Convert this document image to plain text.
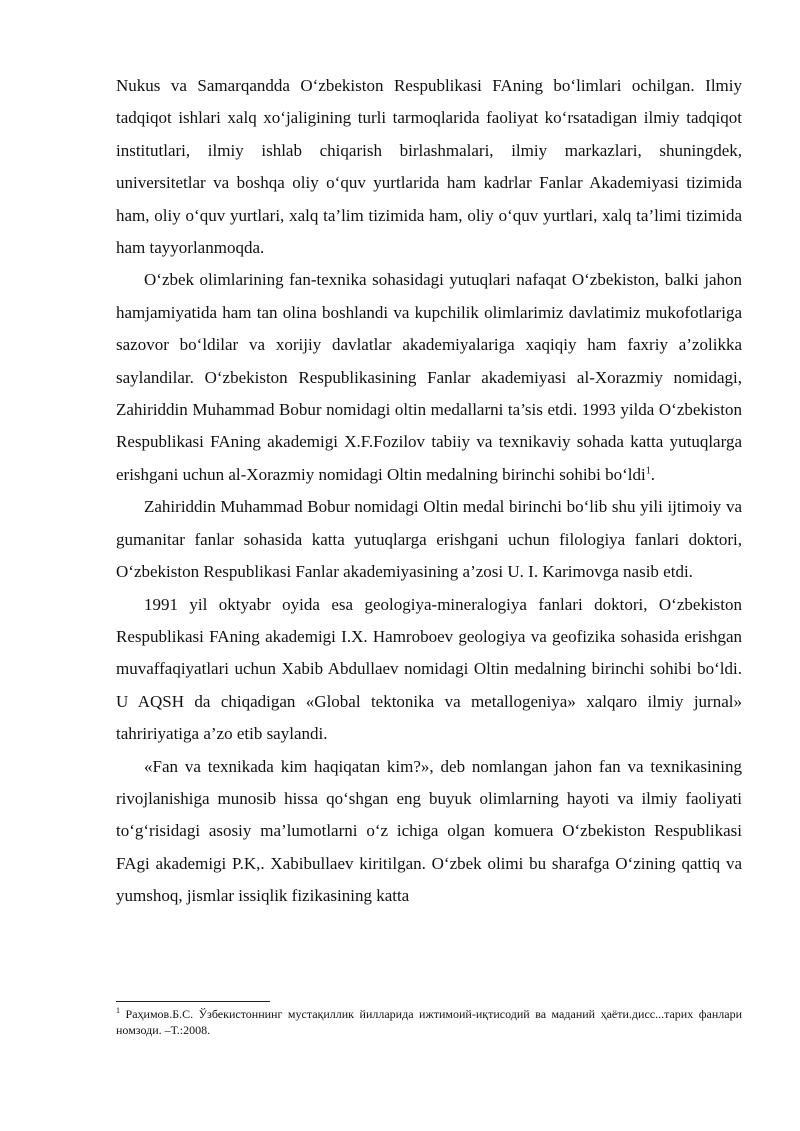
Nukus va Samarqandda O‘zbekiston Respublikasi FAning bo‘limlari ochilgan. Ilmiy tadqiqot ishlari xalq xo‘jaligining turli tarmoqlarida faoliyat ko‘rsatadigan ilmiy tadqiqot institutlari, ilmiy ishlab chiqarish birlashmalari, ilmiy markazlari, shuningdek, universitetlar va boshqa oliy o‘quv yurtlarida ham kadrlar Fanlar Akademiyasi tizimida ham, oliy o‘quv yurtlari, xalq ta’lim tizimida ham, oliy o‘quv yurtlari, xalq ta’limi tizimida ham tayyorlanmoqda.

O‘zbek olimlarining fan-texnika sohasidagi yutuqlari nafaqat O‘zbekiston, balki jahon hamjamiyatida ham tan olina boshlandi va kupchilik olimlarimiz davlatimiz mukofotlariga sazovor bo‘ldilar va xorijiy davlatlar akademiyalariga xaqiqiy ham faxriy a’zolikka saylandilar. O‘zbekiston Respublikasining Fanlar akademiyasi al-Xorazmiy nomidagi, Zahiriddin Muhammad Bobur nomidagi oltin medallarni ta’sis etdi. 1993 yilda O‘zbekiston Respublikasi FAning akademigi X.F.Fozilov tabiiy va texnikaviy sohada katta yutuqlarga erishgani uchun al-Xorazmiy nomidagi Oltin medalning birinchi sohibi bo‘ldi$^1$.

Zahiriddin Muhammad Bobur nomidagi Oltin medal birinchi bo‘lib shu yili ijtimoiy va gumanitar fanlar sohasida katta yutuqlarga erishgani uchun filologiya fanlari doktori, O‘zbekiston Respublikasi Fanlar akademiyasining a’zosi U. I. Karimovga nasib etdi.

1991 yil oktyabr oyida esa geologiya-mineralogiya fanlari doktori, O‘zbekiston Respublikasi FAning akademigi I.X. Hamroboev geologiya va geofizika sohasida erishgan muvaffaqiyatlari uchun Xabib Abdullaev nomidagi Oltin medalning birinchi sohibi bo‘ldi. U AQSH da chiqadigan «Global tektonika va metallogeniya» xalqaro ilmiy jurnal» tahririyatiga a’zo etib saylandi.

«Fan va texnikada kim haqiqatan kim?», deb nomlangan jahon fan va texnikasining rivojlanishiga munosib hissa qo‘shgan eng buyuk olimlarning hayoti va ilmiy faoliyati to‘g‘risidagi asosiy ma’lumotlarni o‘z ichiga olgan komuera O‘zbekiston Respublikasi FAgi akademigi P.K,. Xabibullaev kiritilgan. O‘zbek olimi bu sharafga O‘zining qattiq va yumshoq, jismlar issiqlik fizikasining katta

$^1$ Раҳимов.Б.С. Ўзбекистоннинг мустақиллик йилларида ижтимоий-иқтисодий ва маданий ҳаёти.дисс...тарих фанлари номзоди. –Т.:2008.
